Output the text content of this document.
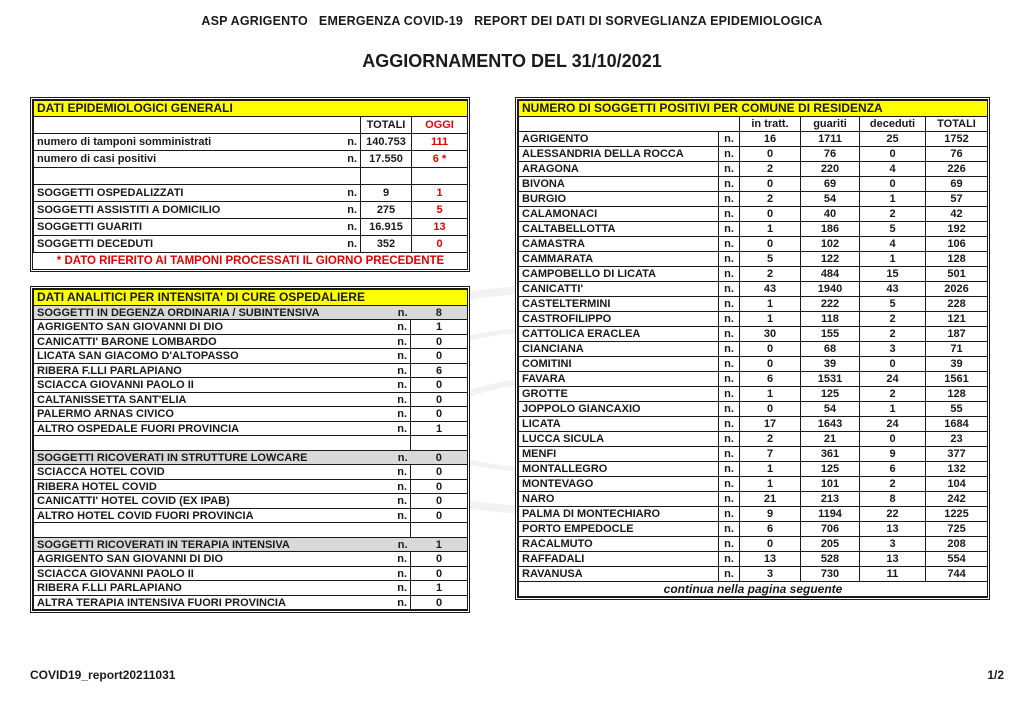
ASP AGRIGENTO   EMERGENZA COVID-19   REPORT DEI DATI DI SORVEGLIANZA EPIDEMIOLOGICA
AGGIORNAMENTO DEL 31/10/2021
DATI EPIDEMIOLOGICI GENERALI		
	TOTALI	OGGI

numero di tamponi somministrati n.	140.753	111

numero di casi positivi n.	17.550	6 *

SOGGETTI OSPEDALIZZATI n.	9	1

SOGGETTI ASSISTITI A DOMICILIO n.	275	5

SOGGETTI GUARITI n.	16.915	13

SOGGETTI DECEDUTI n.	352	0
* DATO RIFERITO AI TAMPONI PROCESSATI IL GIORNO PRECEDENTE		
DATI ANALITICI PER INTENSITA' DI CURE OSPEDALIERE	

SOGGETTI IN DEGENZA ORDINARIA / SUBINTENSIVA n.	8

AGRIGENTO SAN GIOVANNI DI DIO n.	1

CANICATTI' BARONE LOMBARDO n.	0

LICATA SAN GIACOMO D'ALTOPASSO n.	0

RIBERA F.LLI PARLAPIANO n.	6

SCIACCA GIOVANNI PAOLO II n.	0

CALTANISSETTA SANT'ELIA n.	0

PALERMO ARNAS CIVICO n.	0

ALTRO OSPEDALE FUORI PROVINCIA n.	1

SOGGETTI RICOVERATI IN STRUTTURE LOWCARE n.	0

SCIACCA HOTEL COVID n.	0

RIBERA HOTEL COVID n.	0

CANICATTI' HOTEL COVID (EX IPAB) n.	0

ALTRO HOTEL COVID FUORI PROVINCIA n.	0

SOGGETTI RICOVERATI IN TERAPIA INTENSIVA n.	1

AGRIGENTO SAN GIOVANNI DI DIO n.	0

SCIACCA GIOVANNI PAOLO II n.	0

RIBERA F.LLI PARLAPIANO n.	1

ALTRA TERAPIA INTENSIVA FUORI PROVINCIA n.	0
NUMERO DI SOGGETTI POSITIVI PER COMUNE DI RESIDENZA					
		in tratt.	guariti	deceduti	TOTALI
AGRIGENTO	n.	16	1711	25	1752
ALESSANDRIA DELLA ROCCA	n.	0	76	0	76
ARAGONA	n.	2	220	4	226
BIVONA	n.	0	69	0	69
BURGIO	n.	2	54	1	57
CALAMONACI	n.	0	40	2	42
CALTABELLOTTA	n.	1	186	5	192
CAMASTRA	n.	0	102	4	106
CAMMARATA	n.	5	122	1	128
CAMPOBELLO DI LICATA	n.	2	484	15	501
CANICATTI'	n.	43	1940	43	2026
CASTELTERMINI	n.	1	222	5	228
CASTROFILIPPO	n.	1	118	2	121
CATTOLICA ERACLEA	n.	30	155	2	187
CIANCIANA	n.	0	68	3	71
COMITINI	n.	0	39	0	39
FAVARA	n.	6	1531	24	1561
GROTTE	n.	1	125	2	128
JOPPOLO GIANCAXIO	n.	0	54	1	55
LICATA	n.	17	1643	24	1684
LUCCA SICULA	n.	2	21	0	23
MENFI	n.	7	361	9	377
MONTALLEGRO	n.	1	125	6	132
MONTEVAGO	n.	1	101	2	104
NARO	n.	21	213	8	242
PALMA DI MONTECHIARO	n.	9	1194	22	1225
PORTO EMPEDOCLE	n.	6	706	13	725
RACALMUTO	n.	0	205	3	208
RAFFADALI	n.	13	528	13	554
RAVANUSA	n.	3	730	11	744
continua nella pagina seguente					
COVID19_report20211031	1/2
